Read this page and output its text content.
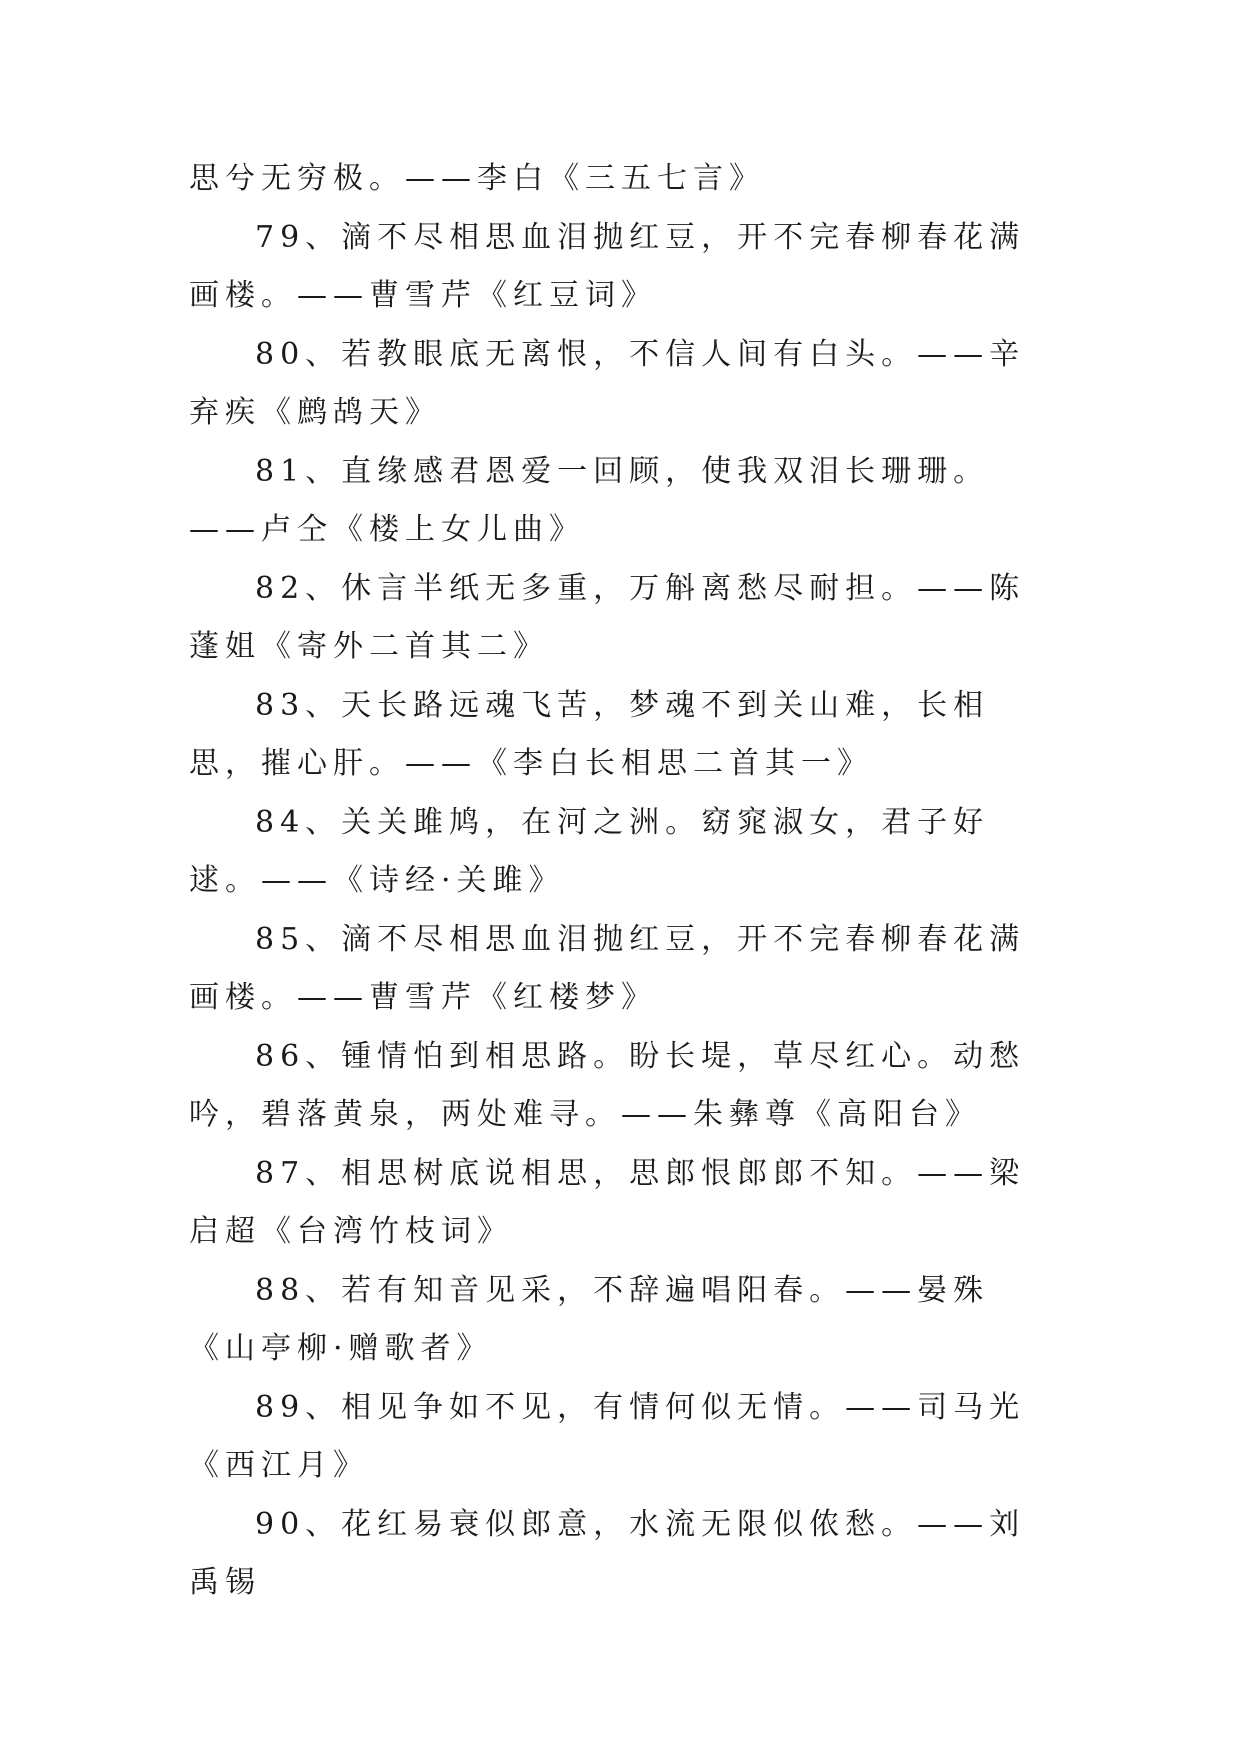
思兮无穷极。——李白《三五七言》

79、滴不尽相思血泪抛红豆，开不完春柳春花满画楼。——曹雪芹《红豆词》

80、若教眼底无离恨，不信人间有白头。——辛弃疾《鹧鸪天》

81、直缘感君恩爱一回顾，使我双泪长珊珊。——卢仝《楼上女儿曲》

82、休言半纸无多重，万斛离愁尽耐担。——陈蓬姐《寄外二首其二》

83、天长路远魂飞苦，梦魂不到关山难，长相思，摧心肝。——《李白长相思二首其一》

84、关关雎鸠，在河之洲。窈窕淑女，君子好逑。——《诗经·关雎》

85、滴不尽相思血泪抛红豆，开不完春柳春花满画楼。——曹雪芹《红楼梦》

86、锺情怕到相思路。盼长堤，草尽红心。动愁吟，碧落黄泉，两处难寻。——朱彝尊《高阳台》

87、相思树底说相思，思郎恨郎郎不知。——梁启超《台湾竹枝词》

88、若有知音见采，不辞遍唱阳春。——晏殊《山亭柳·赠歌者》

89、相见争如不见，有情何似无情。——司马光《西江月》

90、花红易衰似郎意，水流无限似侬愁。——刘禹锡
